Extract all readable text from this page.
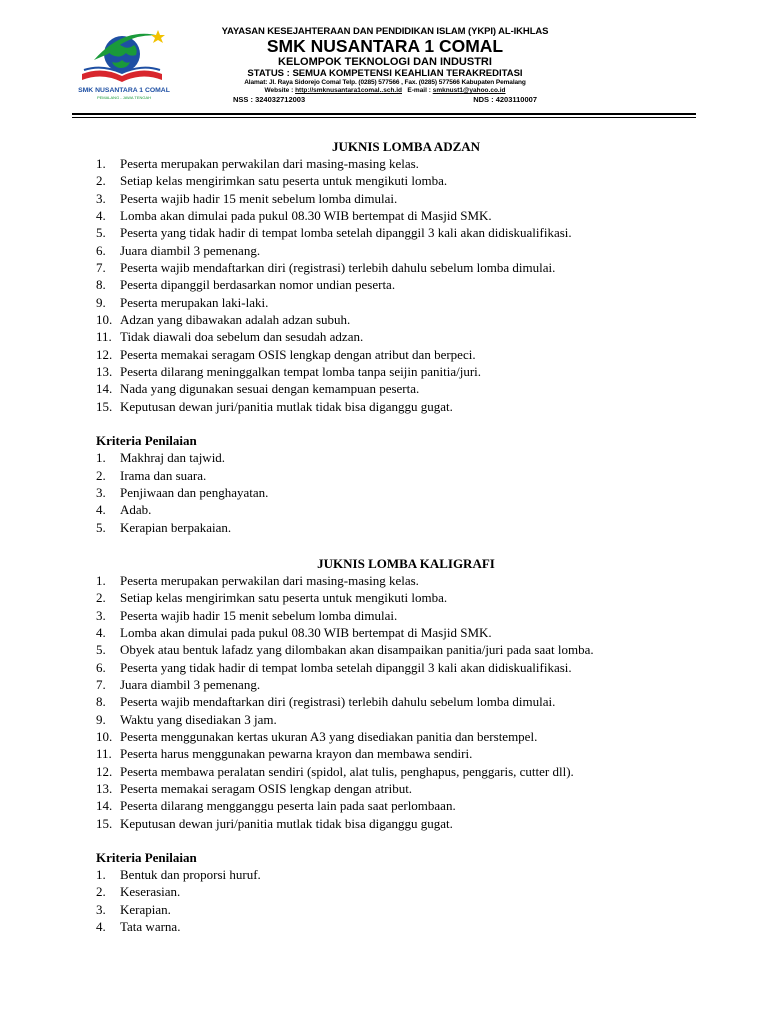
SMK NUSANTARA 1 COMAL
PEMALANG - JAWA TENGAH
YAYASAN KESEJAHTERAAN DAN PENDIDIKAN ISLAM (YKPI) AL-IKHLAS
SMK NUSANTARA 1 COMAL
KELOMPOK TEKNOLOGI DAN INDUSTRI
STATUS : SEMUA KOMPETENSI KEAHLIAN TERAKREDITASI
Alamat: Jl. Raya Sidorejo Comal Telp. (0285) 577566 , Fax. (0285) 577566 Kabupaten Pemalang
Website : http://smknusantara1comal..sch.id   E-mail : smknust1@yahoo.co.id
NSS : 324032712003	NDS : 4203110007

JUKNIS LOMBA ADZAN

1. Peserta merupakan perwakilan dari masing-masing kelas.
2. Setiap kelas mengirimkan satu peserta untuk mengikuti lomba.
3. Peserta wajib hadir 15 menit sebelum lomba dimulai.
4. Lomba akan dimulai pada pukul 08.30 WIB bertempat di Masjid SMK.
5. Peserta yang tidak hadir di tempat lomba setelah dipanggil 3 kali akan didiskualifikasi.
6. Juara diambil 3 pemenang.
7. Peserta wajib mendaftarkan diri (registrasi) terlebih dahulu sebelum lomba dimulai.
8. Peserta dipanggil berdasarkan nomor undian peserta.
9. Peserta merupakan laki-laki.
10. Adzan yang dibawakan adalah adzan subuh.
11. Tidak diawali doa sebelum dan sesudah adzan.
12. Peserta memakai seragam OSIS lengkap dengan atribut dan berpeci.
13. Peserta dilarang meninggalkan tempat lomba tanpa seijin panitia/juri.
14. Nada yang digunakan sesuai dengan kemampuan peserta.
15. Keputusan dewan juri/panitia mutlak tidak bisa diganggu gugat.

Kriteria Penilaian

1. Makhraj dan tajwid.
2. Irama dan suara.
3. Penjiwaan dan penghayatan.
4. Adab.
5. Kerapian berpakaian.

JUKNIS LOMBA KALIGRAFI

1. Peserta merupakan perwakilan dari masing-masing kelas.
2. Setiap kelas mengirimkan satu peserta untuk mengikuti lomba.
3. Peserta wajib hadir 15 menit sebelum lomba dimulai.
4. Lomba akan dimulai pada pukul 08.30 WIB bertempat di Masjid SMK.
5. Obyek atau bentuk lafadz yang dilombakan akan disampaikan panitia/juri pada saat lomba.
6. Peserta yang tidak hadir di tempat lomba setelah dipanggil 3 kali akan didiskualifikasi.
7. Juara diambil 3 pemenang.
8. Peserta wajib mendaftarkan diri (registrasi) terlebih dahulu sebelum lomba dimulai.
9. Waktu yang disediakan 3 jam.
10. Peserta menggunakan kertas ukuran A3 yang disediakan panitia dan berstempel.
11. Peserta harus menggunakan pewarna krayon dan membawa sendiri.
12. Peserta membawa peralatan sendiri (spidol, alat tulis, penghapus, penggaris, cutter dll).
13. Peserta memakai seragam OSIS lengkap dengan atribut.
14. Peserta dilarang mengganggu peserta lain pada saat perlombaan.
15. Keputusan dewan juri/panitia mutlak tidak bisa diganggu gugat.

Kriteria Penilaian

1. Bentuk dan proporsi huruf.
2. Keserasian.
3. Kerapian.
4. Tata warna.
